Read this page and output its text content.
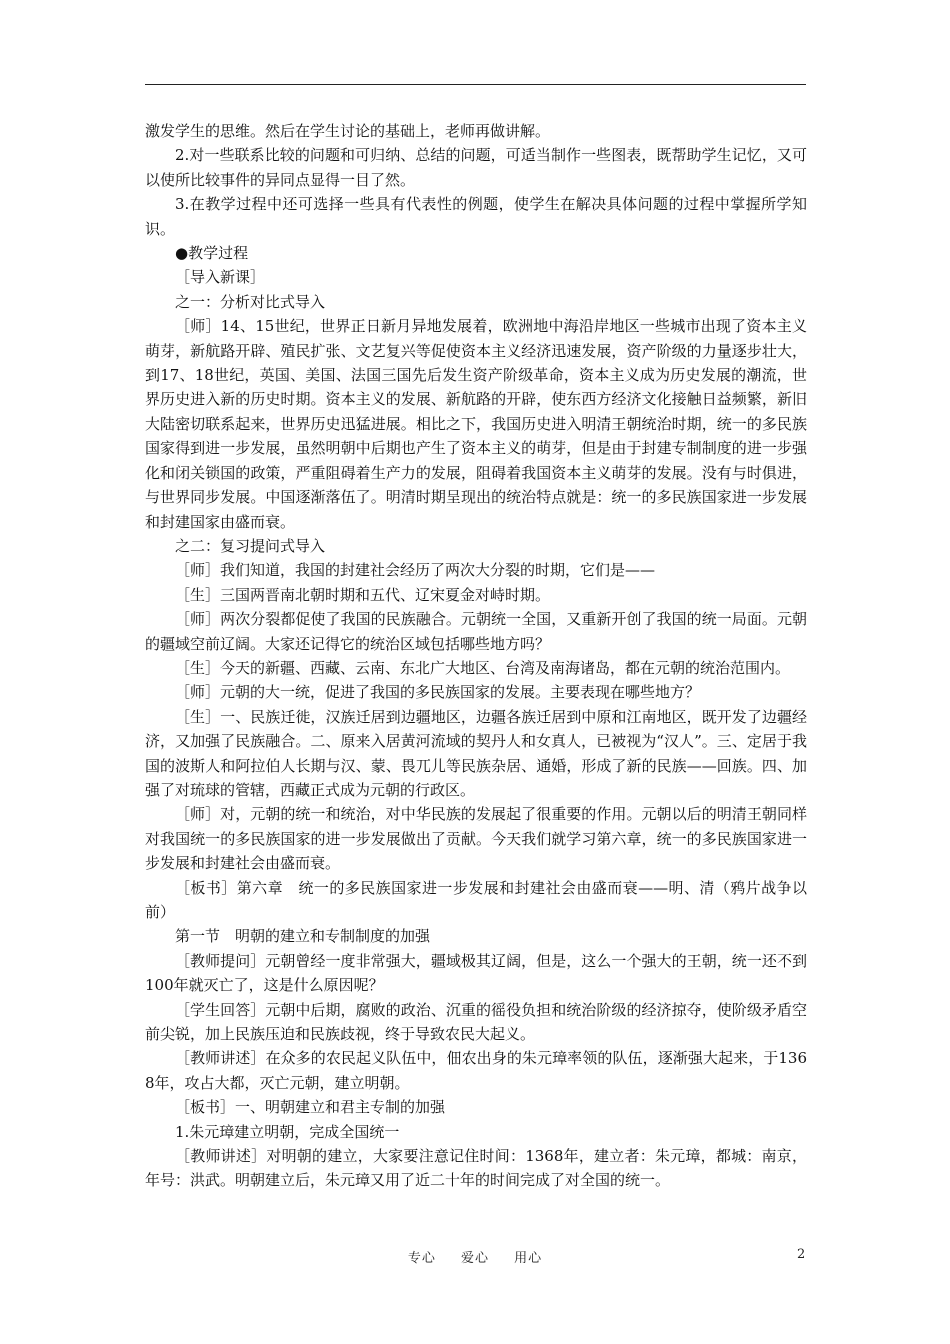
激发学生的思维。然后在学生讨论的基础上，老师再做讲解。

2.对一些联系比较的问题和可归纳、总结的问题，可适当制作一些图表，既帮助学生记忆，又可以使所比较事件的异同点显得一目了然。

3.在教学过程中还可选择一些具有代表性的例题，使学生在解决具体问题的过程中掌握所学知识。

●教学过程

［导入新课］

之一：分析对比式导入

［师］14、15世纪，世界正日新月异地发展着，欧洲地中海沿岸地区一些城市出现了资本主义萌芽，新航路开辟、殖民扩张、文艺复兴等促使资本主义经济迅速发展，资产阶级的力量逐步壮大，到17、18世纪，英国、美国、法国三国先后发生资产阶级革命，资本主义成为历史发展的潮流，世界历史进入新的历史时期。资本主义的发展、新航路的开辟，使东西方经济文化接触日益频繁，新旧大陆密切联系起来，世界历史迅猛进展。相比之下，我国历史进入明清王朝统治时期，统一的多民族国家得到进一步发展，虽然明朝中后期也产生了资本主义的萌芽，但是由于封建专制制度的进一步强化和闭关锁国的政策，严重阻碍着生产力的发展，阻碍着我国资本主义萌芽的发展。没有与时俱进，与世界同步发展。中国逐渐落伍了。明清时期呈现出的统治特点就是：统一的多民族国家进一步发展和封建国家由盛而衰。

之二：复习提问式导入

［师］我们知道，我国的封建社会经历了两次大分裂的时期，它们是——

［生］三国两晋南北朝时期和五代、辽宋夏金对峙时期。

［师］两次分裂都促使了我国的民族融合。元朝统一全国，又重新开创了我国的统一局面。元朝的疆域空前辽阔。大家还记得它的统治区域包括哪些地方吗？

［生］今天的新疆、西藏、云南、东北广大地区、台湾及南海诸岛，都在元朝的统治范围内。

［师］元朝的大一统，促进了我国的多民族国家的发展。主要表现在哪些地方？

［生］一、民族迁徙，汉族迁居到边疆地区，边疆各族迁居到中原和江南地区，既开发了边疆经济，又加强了民族融合。二、原来入居黄河流域的契丹人和女真人，已被视为“汉人”。三、定居于我国的波斯人和阿拉伯人长期与汉、蒙、畏兀儿等民族杂居、通婚，形成了新的民族——回族。四、加强了对琉球的管辖，西藏正式成为元朝的行政区。

［师］对，元朝的统一和统治，对中华民族的发展起了很重要的作用。元朝以后的明清王朝同样对我国统一的多民族国家的进一步发展做出了贡献。今天我们就学习第六章，统一的多民族国家进一步发展和封建社会由盛而衰。

［板书］第六章　统一的多民族国家进一步发展和封建社会由盛而衰——明、清（鸦片战争以前）

第一节　明朝的建立和专制制度的加强

［教师提问］元朝曾经一度非常强大，疆域极其辽阔，但是，这么一个强大的王朝，统一还不到100年就灭亡了，这是什么原因呢？

［学生回答］元朝中后期，腐败的政治、沉重的徭役负担和统治阶级的经济掠夺，使阶级矛盾空前尖锐，加上民族压迫和民族歧视，终于导致农民大起义。

［教师讲述］在众多的农民起义队伍中，佃农出身的朱元璋率领的队伍，逐渐强大起来，于1368年，攻占大都，灭亡元朝，建立明朝。

［板书］一、明朝建立和君主专制的加强

1.朱元璋建立明朝，完成全国统一

［教师讲述］对明朝的建立，大家要注意记住时间：1368年，建立者：朱元璋，都城：南京，年号：洪武。明朝建立后，朱元璋又用了近二十年的时间完成了对全国的统一。

专心 爱心 用心	2
